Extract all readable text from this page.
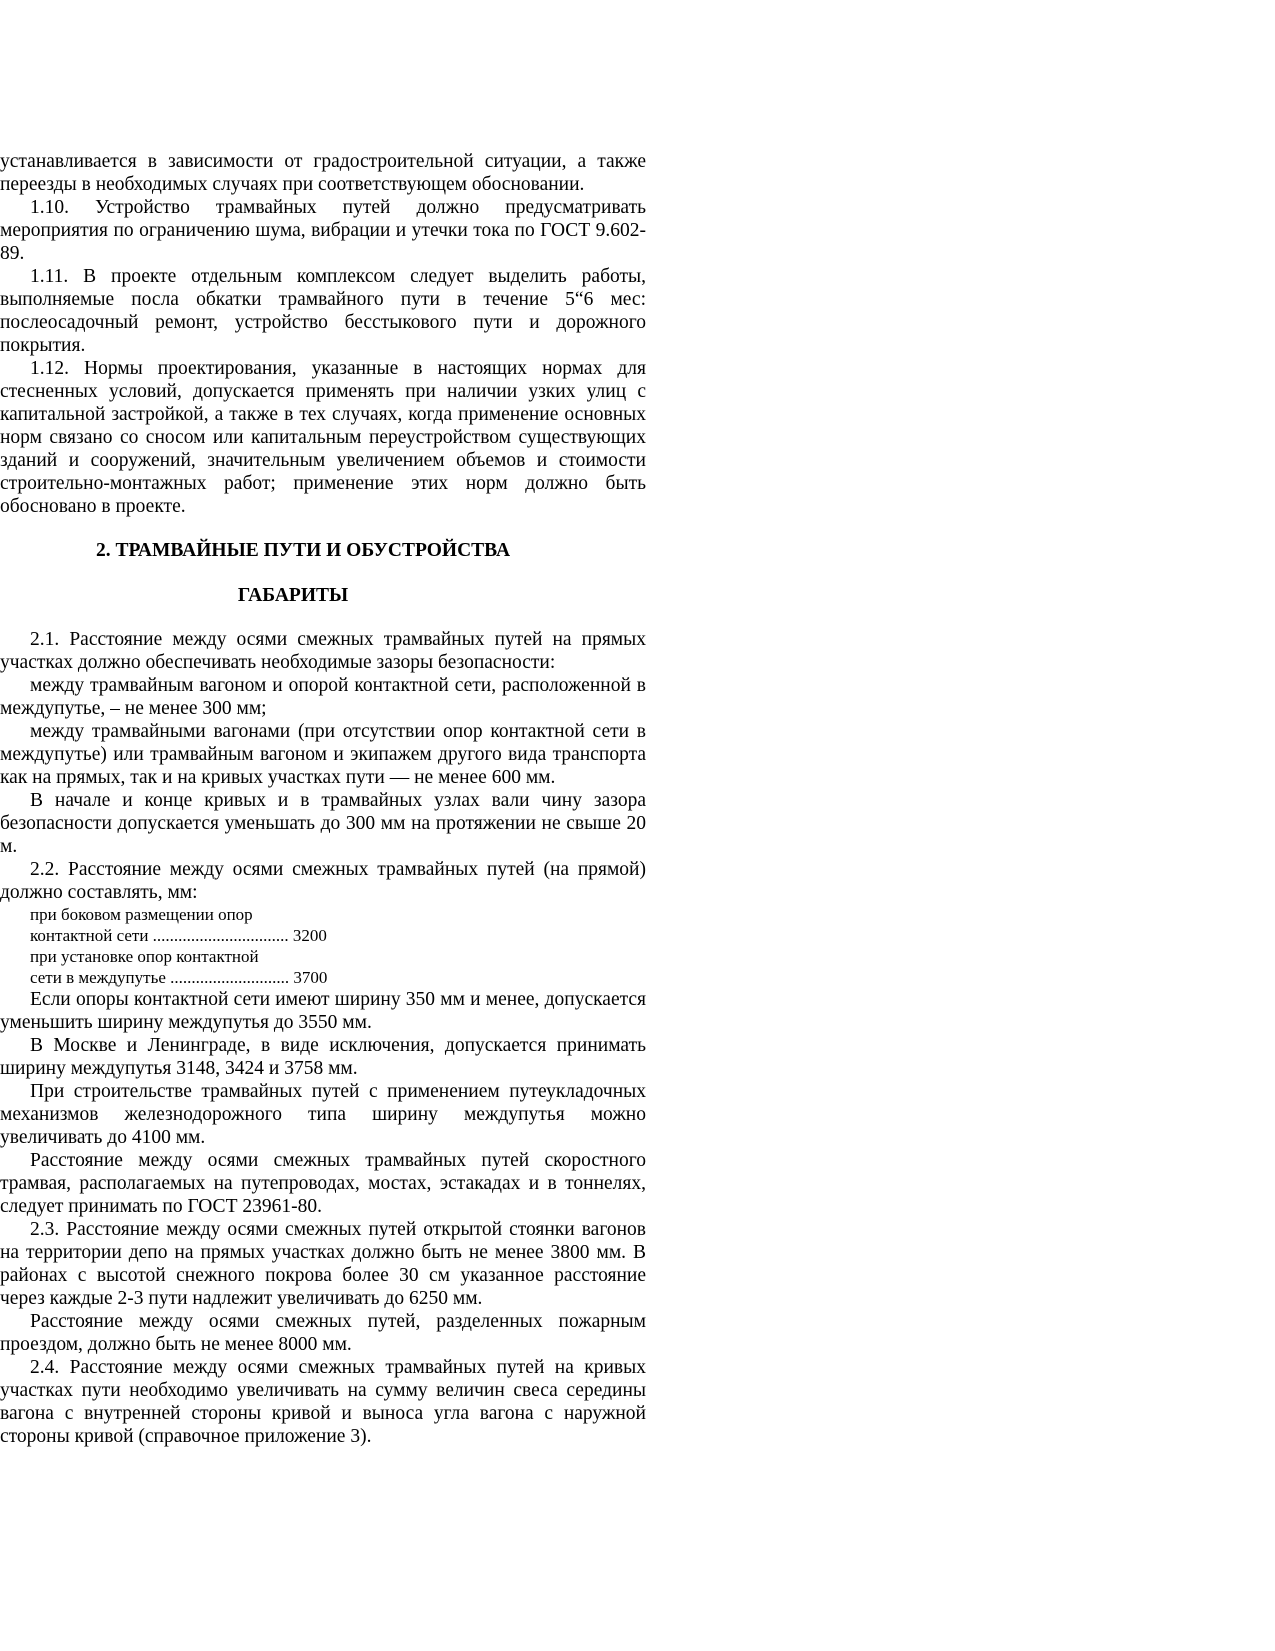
устанавливается в зависимости от градостроительной ситуации, а также переезды в необходимых случаях при соответствующем обосновании.

1.10. Устройство трамвайных путей должно предусматривать мероприятия по ограничению шума, вибрации и утечки тока по ГОСТ 9.602-89.

1.11. В проекте отдельным комплексом следует выделить работы, выполняемые посла обкатки трамвайного пути в течение 5“6 мес: послеосадочный ремонт, устройство бесстыкового пути и дорожного покрытия.

1.12. Нормы проектирования, указанные в настоящих нормах для стесненных условий, допускается применять при наличии узких улиц с капитальной застройкой, а также в тех случаях, когда применение основных норм связано со сносом или капитальным переустройством существующих зданий и сооружений, значительным увеличением объемов и стоимости строительно-монтажных работ; применение этих норм должно быть обосновано в проекте.

2. ТРАМВАЙНЫЕ ПУТИ И ОБУСТРОЙСТВА
ГАБАРИТЫ

2.1. Расстояние между осями смежных трамвайных путей на прямых участках должно обеспечивать необходимые зазоры безопасности:

между трамвайным вагоном и опорой контактной сети, расположенной в междупутье, – не менее 300 мм;

между трамвайными вагонами (при отсутствии опор контактной сети в междупутье) или трамвайным вагоном и экипажем другого вида транспорта как на прямых, так и на кривых участках пути — не менее 600 мм.

В начале и конце кривых и в трамвайных узлах вали чину зазора безопасности допускается уменьшать до 300 мм на протяжении не свыше 20 м.

2.2. Расстояние между осями смежных трамвайных путей (на прямой) должно составлять, мм:

при боковом размещении опор
контактной сети ................................ 3200
при установке опор контактной
сети в междупутье ............................ 3700

Если опоры контактной сети имеют ширину 350 мм и менее, допускается уменьшить ширину междупутья до 3550 мм.

В Москве и Ленинграде, в виде исключения, допускается принимать ширину междупутья 3148, 3424 и 3758 мм.

При строительстве трамвайных путей с применением путеукладочных механизмов железнодорожного типа ширину междупутья можно увеличивать до 4100 мм.

Расстояние между осями смежных трамвайных путей скоростного трамвая, располагаемых на путепроводах, мостах, эстакадах и в тоннелях, следует принимать по ГОСТ 23961-80.

2.3. Расстояние между осями смежных путей открытой стоянки вагонов на территории депо на прямых участках должно быть не менее 3800 мм. В районах с высотой снежного покрова более 30 см указанное расстояние через каждые 2-3 пути надлежит увеличивать до 6250 мм.

Расстояние между осями смежных путей, разделенных пожарным проездом, должно быть не менее 8000 мм.

2.4. Расстояние между осями смежных трамвайных путей на кривых участках пути необходимо увеличивать на сумму величин свеса середины вагона с внутренней стороны кривой и выноса угла вагона с наружной стороны кривой (справочное приложение 3).
